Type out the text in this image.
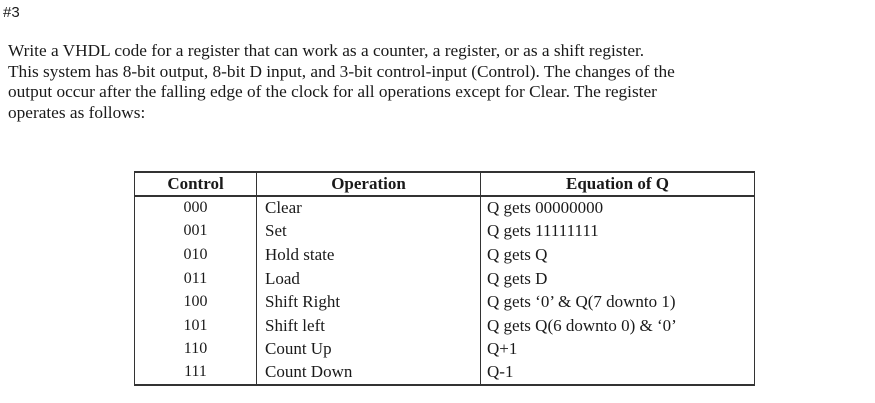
#3

Write a VHDL code for a register that can work as a counter, a register, or as a shift register.
This system has 8-bit output, 8-bit D input, and 3-bit control-input (Control). The changes of the
output occur after the falling edge of the clock for all operations except for Clear. The register
operates as follows:

Control	Operation	Equation of Q
000	Clear	Q gets 00000000
001	Set	Q gets 11111111
010	Hold state	Q gets Q
011	Load	Q gets D
100	Shift Right	Q gets ‘0’ & Q(7 downto 1)
101	Shift left	Q gets Q(6 downto 0) & ‘0’
110	Count Up	Q+1
111	Count Down	Q-1
